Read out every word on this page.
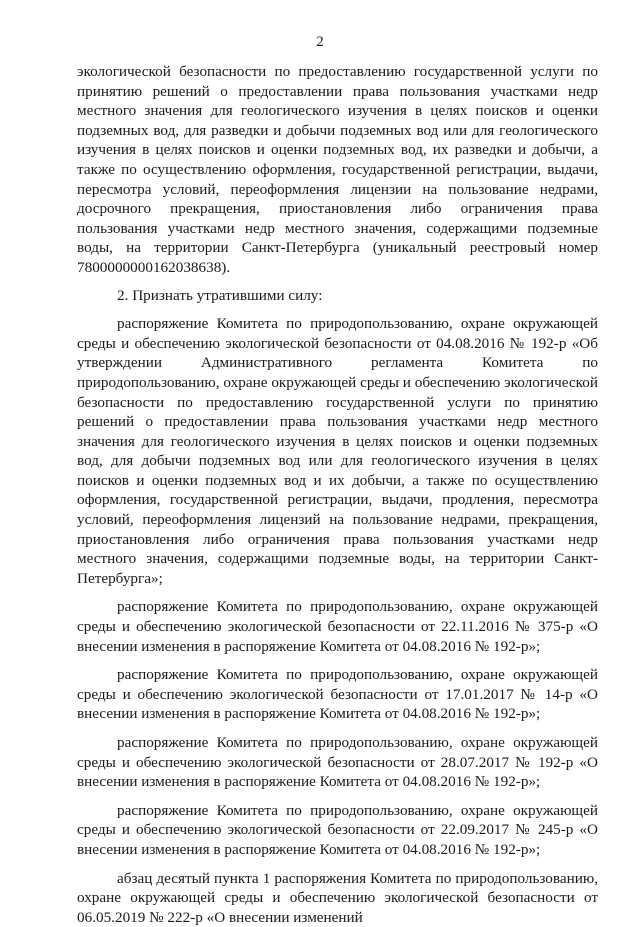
2

экологической безопасности по предоставлению государственной услуги по принятию решений о предоставлении права пользования участками недр местного значения для геологического изучения в целях поисков и оценки подземных вод, для разведки и добычи подземных вод или для геологического изучения в целях поисков и оценки подземных вод, их разведки и добычи, а также по осуществлению оформления, государственной регистрации, выдачи, пересмотра условий, переоформления лицензии на пользование недрами, досрочного прекращения, приостановления либо ограничения права пользования участками недр местного значения, содержащими подземные воды, на территории Санкт-Петербурга (уникальный реестровый номер 7800000000162038638).

2. Признать утратившими силу:

распоряжение Комитета по природопользованию, охране окружающей среды и обеспечению экологической безопасности от 04.08.2016 № 192-р «Об утверждении Административного регламента Комитета по природопользованию, охране окружающей среды и обеспечению экологической безопасности по предоставлению государственной услуги по принятию решений о предоставлении права пользования участками недр местного значения для геологического изучения в целях поисков и оценки подземных вод, для добычи подземных вод или для геологического изучения в целях поисков и оценки подземных вод и их добычи, а также по осуществлению оформления, государственной регистрации, выдачи, продления, пересмотра условий, переоформления лицензий на пользование недрами, прекращения, приостановления либо ограничения права пользования участками недр местного значения, содержащими подземные воды, на территории Санкт-Петербурга»;

распоряжение Комитета по природопользованию, охране окружающей среды и обеспечению экологической безопасности от 22.11.2016 № 375-р «О внесении изменения в распоряжение Комитета от 04.08.2016 № 192-р»;

распоряжение Комитета по природопользованию, охране окружающей среды и обеспечению экологической безопасности от 17.01.2017 № 14-р «О внесении изменения в распоряжение Комитета от 04.08.2016 № 192-р»;

распоряжение Комитета по природопользованию, охране окружающей среды и обеспечению экологической безопасности от 28.07.2017 № 192-р «О внесении изменения в распоряжение Комитета от 04.08.2016 № 192-р»;

распоряжение Комитета по природопользованию, охране окружающей среды и обеспечению экологической безопасности от 22.09.2017 № 245-р «О внесении изменения в распоряжение Комитета от 04.08.2016 № 192-р»;

абзац десятый пункта 1 распоряжения Комитета по природопользованию, охране окружающей среды и обеспечению экологической безопасности от 06.05.2019 № 222-р «О внесении изменений
